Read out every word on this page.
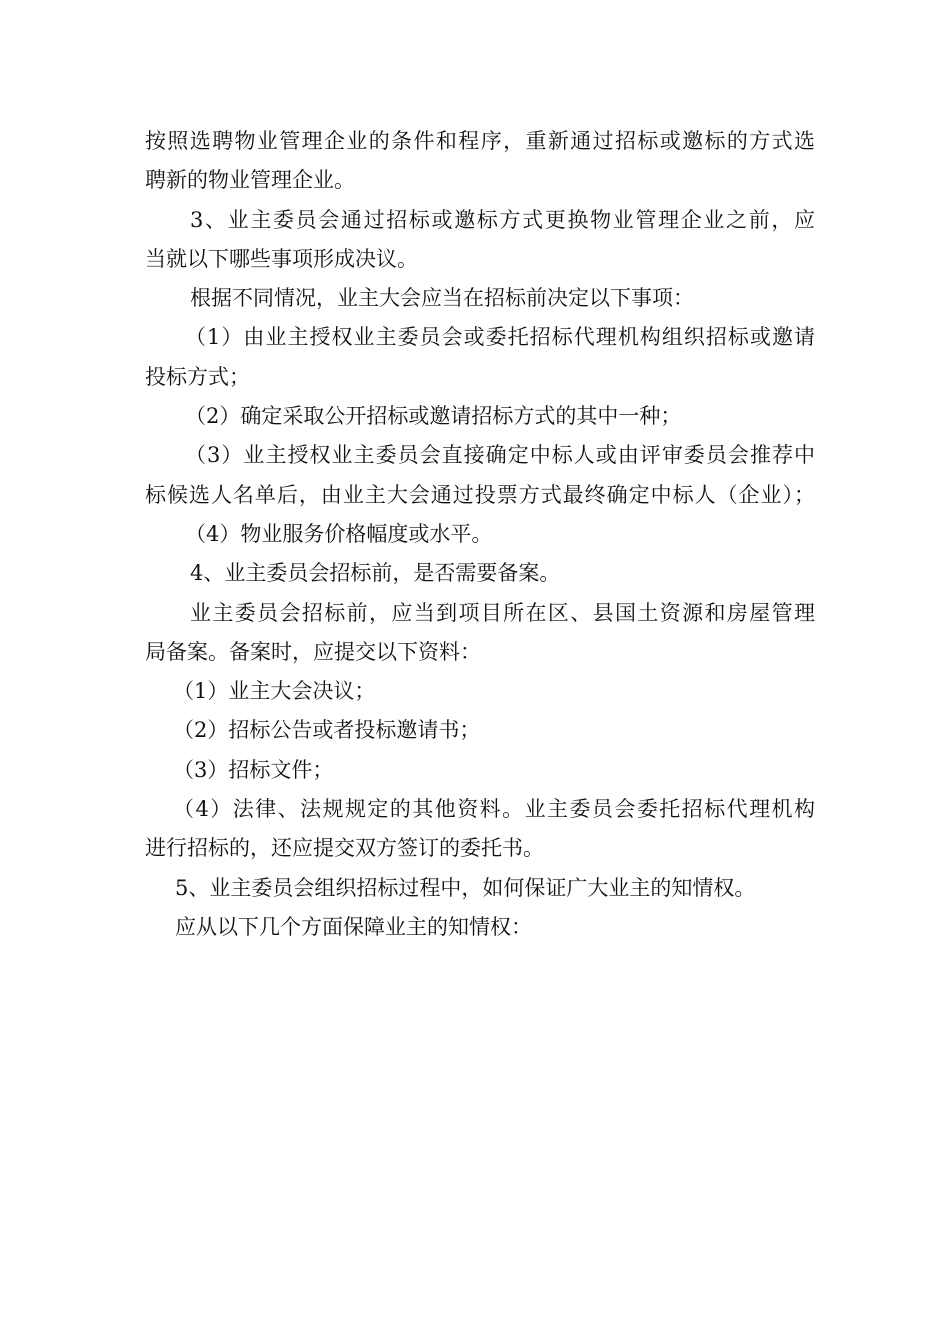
按照选聘物业管理企业的条件和程序，重新通过招标或邀标的方式选
聘新的物业管理企业。
3、业主委员会通过招标或邀标方式更换物业管理企业之前，应
当就以下哪些事项形成决议。
根据不同情况，业主大会应当在招标前决定以下事项：
（1）由业主授权业主委员会或委托招标代理机构组织招标或邀请
投标方式；
（2）确定采取公开招标或邀请招标方式的其中一种；
（3）业主授权业主委员会直接确定中标人或由评审委员会推荐中
标候选人名单后，由业主大会通过投票方式最终确定中标人（企业）；
（4）物业服务价格幅度或水平。
4、业主委员会招标前，是否需要备案。
业主委员会招标前，应当到项目所在区、县国土资源和房屋管理
局备案。备案时，应提交以下资料：
（1）业主大会决议；
（2）招标公告或者投标邀请书；
（3）招标文件；
（4）法律、法规规定的其他资料。业主委员会委托招标代理机构
进行招标的，还应提交双方签订的委托书。
5、业主委员会组织招标过程中，如何保证广大业主的知情权。
应从以下几个方面保障业主的知情权：
